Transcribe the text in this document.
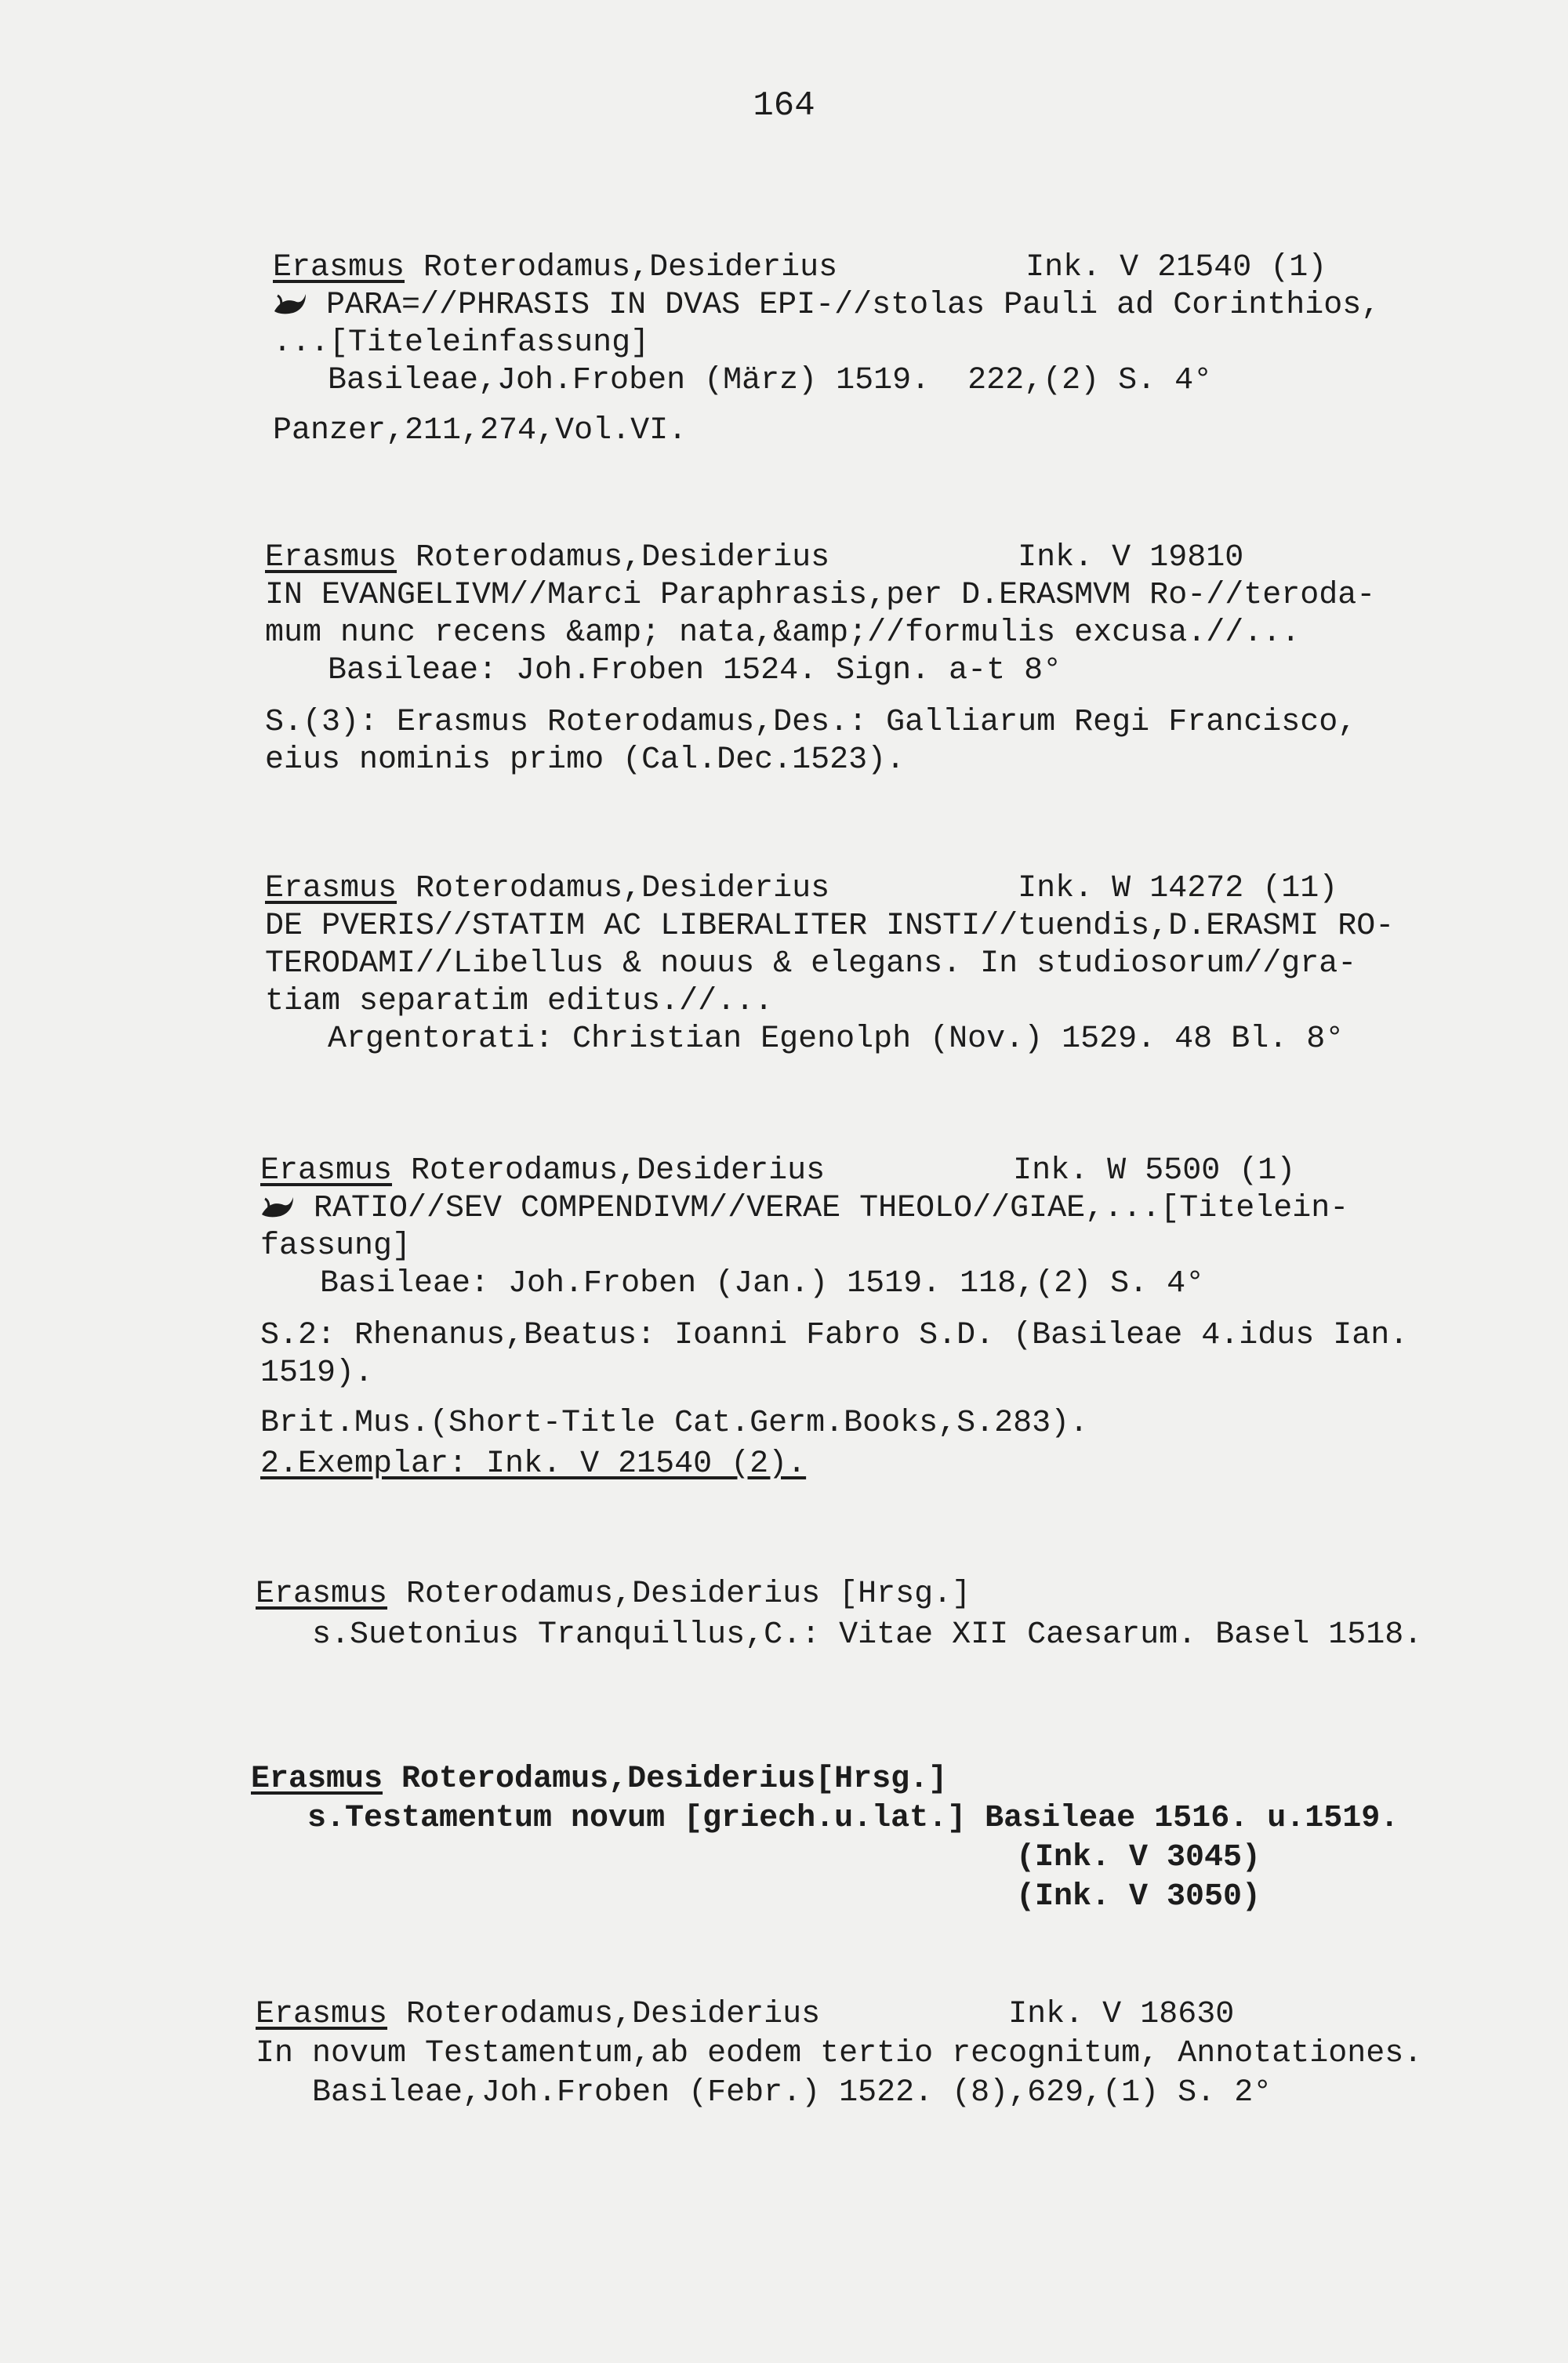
164
Erasmus Roterodamus,Desiderius          Ink. V 21540 (1)
PARA=//PHRASIS IN DVAS EPI-//stolas Pauli ad Corinthios,
...[Titeleinfassung]
Basileae,Joh.Froben (März) 1519.  222,(2) S. 4°
Panzer,211,274,Vol.VI.
Erasmus Roterodamus,Desiderius          Ink. V 19810
IN EVANGELIVM//Marci Paraphrasis,per D.ERASMVM Ro-//teroda-
mum nunc recens &amp; nata,&amp;//formulis excusa.//...
Basileae: Joh.Froben 1524. Sign. a-t 8°
S.(3): Erasmus Roterodamus,Des.: Galliarum Regi Francisco,
eius nominis primo (Cal.Dec.1523).
Erasmus Roterodamus,Desiderius          Ink. W 14272 (11)
DE PVERIS//STATIM AC LIBERALITER INSTI//tuendis,D.ERASMI RO-
TERODAMI//Libellus & nouus & elegans. In studiosorum//gra-
tiam separatim editus.//...
Argentorati: Christian Egenolph (Nov.) 1529. 48 Bl. 8°
Erasmus Roterodamus,Desiderius          Ink. W 5500 (1)
RATIO//SEV COMPENDIVM//VERAE THEOLO//GIAE,...[Titelein-
fassung]
Basileae: Joh.Froben (Jan.) 1519. 118,(2) S. 4°
S.2: Rhenanus,Beatus: Ioanni Fabro S.D. (Basileae 4.idus Ian.
1519).
Brit.Mus.(Short-Title Cat.Germ.Books,S.283).
2.Exemplar: Ink. V 21540 (2).
Erasmus Roterodamus,Desiderius [Hrsg.]
s.Suetonius Tranquillus,C.: Vitae XII Caesarum. Basel 1518.
Erasmus Roterodamus,Desiderius[Hrsg.]
s.Testamentum novum [griech.u.lat.] Basileae 1516. u.1519.
(Ink. V 3045)
(Ink. V 3050)
Erasmus Roterodamus,Desiderius          Ink. V 18630
In novum Testamentum,ab eodem tertio recognitum, Annotationes.
Basileae,Joh.Froben (Febr.) 1522. (8),629,(1) S. 2°
